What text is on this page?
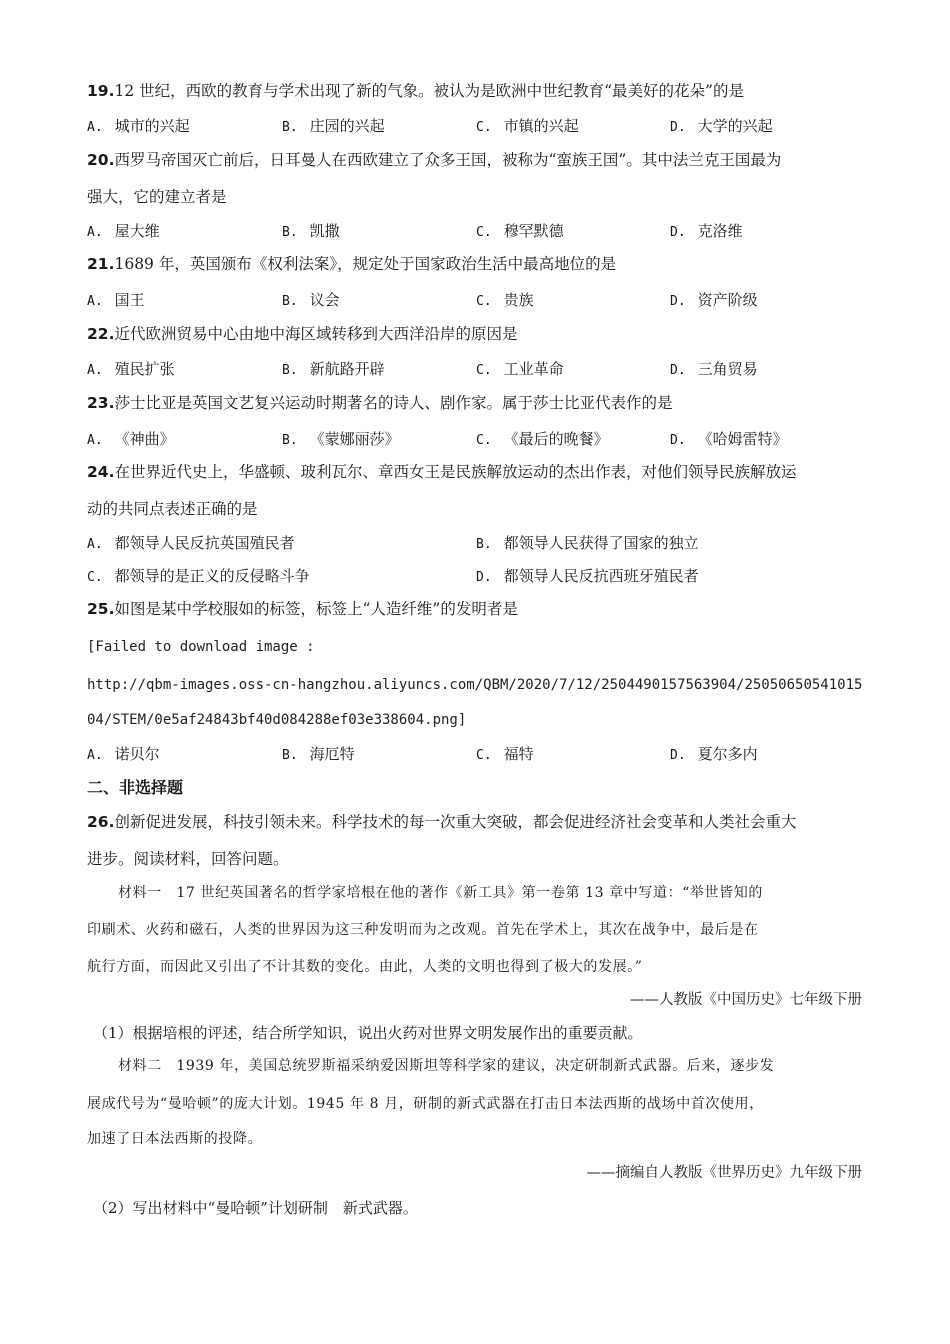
19.12 世纪，西欧的教育与学术出现了新的气象。被认为是欧洲中世纪教育“最美好的花朵”的是
A. 城市的兴起	B. 庄园的兴起	C. 市镇的兴起	D. 大学的兴起
20.西罗马帝国灭亡前后，日耳曼人在西欧建立了众多王国，被称为“蛮族王国”。其中法兰克王国最为
强大，它的建立者是
A. 屋大维	B. 凯撒	C. 穆罕默德	D. 克洛维
21.1689 年，英国颁布《权利法案》，规定处于国家政治生活中最高地位的是
A. 国王	B. 议会	C. 贵族	D. 资产阶级
22.近代欧洲贸易中心由地中海区域转移到大西洋沿岸的原因是
A. 殖民扩张	B. 新航路开辟	C. 工业革命	D. 三角贸易
23.莎士比亚是英国文艺复兴运动时期著名的诗人、剧作家。属于莎士比亚代表作的是
A. 《神曲》	B. 《蒙娜丽莎》	C. 《最后的晚餐》	D. 《哈姆雷特》
24.在世界近代史上，华盛顿、玻利瓦尔、章西女王是民族解放运动的杰出作表，对他们领导民族解放运
动的共同点表述正确的是
A. 都领导人民反抗英国殖民者	B. 都领导人民获得了国家的独立
C. 都领导的是正义的反侵略斗争	D. 都领导人民反抗西班牙殖民者
25.如图是某中学校服如的标签，标签上“人造纤维”的发明者是
[Failed to download image :
http://qbm-images.oss-cn-hangzhou.aliyuncs.com/QBM/2020/7/12/2504490157563904/25050650541015
04/STEM/0e5af24843bf40d084288ef03e338604.png]
A. 诺贝尔	B. 海厄特	C. 福特	D. 夏尔多内
二、非选择题
26.创新促进发展，科技引领未来。科学技术的每一次重大突破，都会促进经济社会变革和人类社会重大
进步。阅读材料，回答问题。
材料一　17 世纪英国著名的哲学家培根在他的著作《新工具》第一卷第 13 章中写道：“举世皆知的
印刷术、火药和磁石，人类的世界因为这三种发明而为之改观。首先在学术上，其次在战争中，最后是在
航行方面，而因此又引出了不计其数的变化。由此，人类的文明也得到了极大的发展。”
——人教版《中国历史》七年级下册
（1）根据培根的评述，结合所学知识，说出火药对世界文明发展作出的重要贡献。
材料二　1939 年，美国总统罗斯福采纳爱因斯坦等科学家的建议，决定研制新式武器。后来，逐步发
展成代号为“曼哈顿”的庞大计划。1945 年 8 月，研制的新式武器在打击日本法西斯的战场中首次使用，
加速了日本法西斯的投降。
——摘编自人教版《世界历史》九年级下册
（2）写出材料中“曼哈顿”计划研制　新式武器。
